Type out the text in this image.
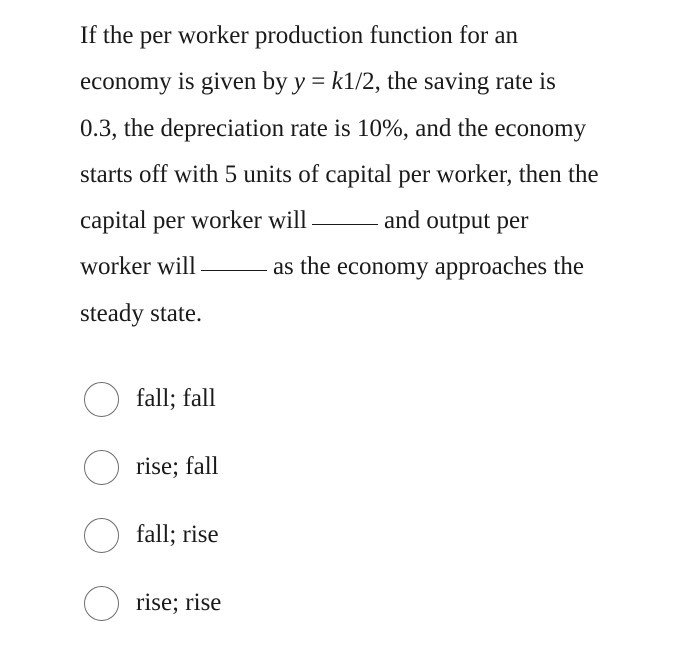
If the per worker production function for an
economy is given by y = k1/2, the saving rate is
0.3, the depreciation rate is 10%, and the economy
starts off with 5 units of capital per worker, then the
capital per worker will	and output per
worker will	as the economy approaches the
steady state.
fall; fall
rise; fall
fall; rise
rise; rise
